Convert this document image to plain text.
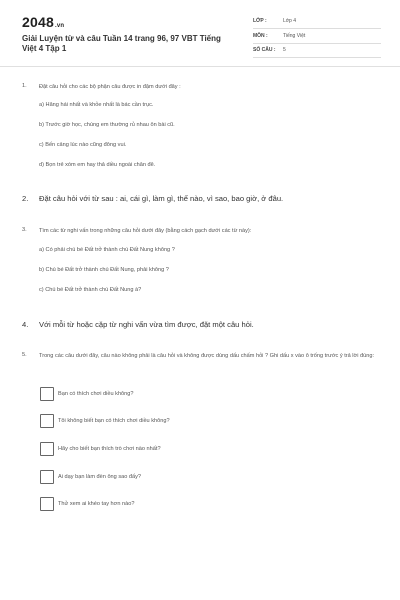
2048.vn
Giải Luyện từ và câu Tuần 14 trang 96, 97 VBT Tiếng Việt 4 Tập 1
LỚP :	Lớp 4
MÔN :	Tiếng Việt
SỐ CÂU : 5
1. Đặt câu hỏi cho các bộ phận câu được in đậm dưới đây :
a) Hăng hái nhất và khỏe nhất là bác cần trục.
b) Trước giờ học, chúng em thường rủ nhau ôn bài cũ.
c) Bến cảng lúc nào cũng đông vui.
d) Bọn trẻ xóm em hay thả diều ngoài chân đê.
2. Đặt câu hỏi với từ sau : ai, cái gì, làm gì, thế nào, vì sao, bao giờ, ở đâu.
3. Tìm các từ nghi vấn trong những câu hỏi dưới đây (bằng cách gạch dưới các từ này):
a) Có phải chú bé Đất trở thành chú Đất Nung không ?
b) Chú bé Đất trở thành chú Đất Nung, phải không ?
c) Chú bé Đất trở thành chú Đất Nung à?
4. Với mỗi từ hoặc cặp từ nghi vấn vừa tìm được, đặt một câu hỏi.
5. Trong các câu dưới đây, câu nào không phải là câu hỏi và không được dùng dấu chấm hỏi ? Ghi dấu x vào ô trống trước ý trả lời đúng:
Bạn có thích chơi diều không?
Tôi không biết bạn có thích chơi diều không?
Hãy cho biết bạn thích trò chơi nào nhất?
Ai dạy bạn làm đèn ông sao đấy?
Thử xem ai khéo tay hơn nào?
